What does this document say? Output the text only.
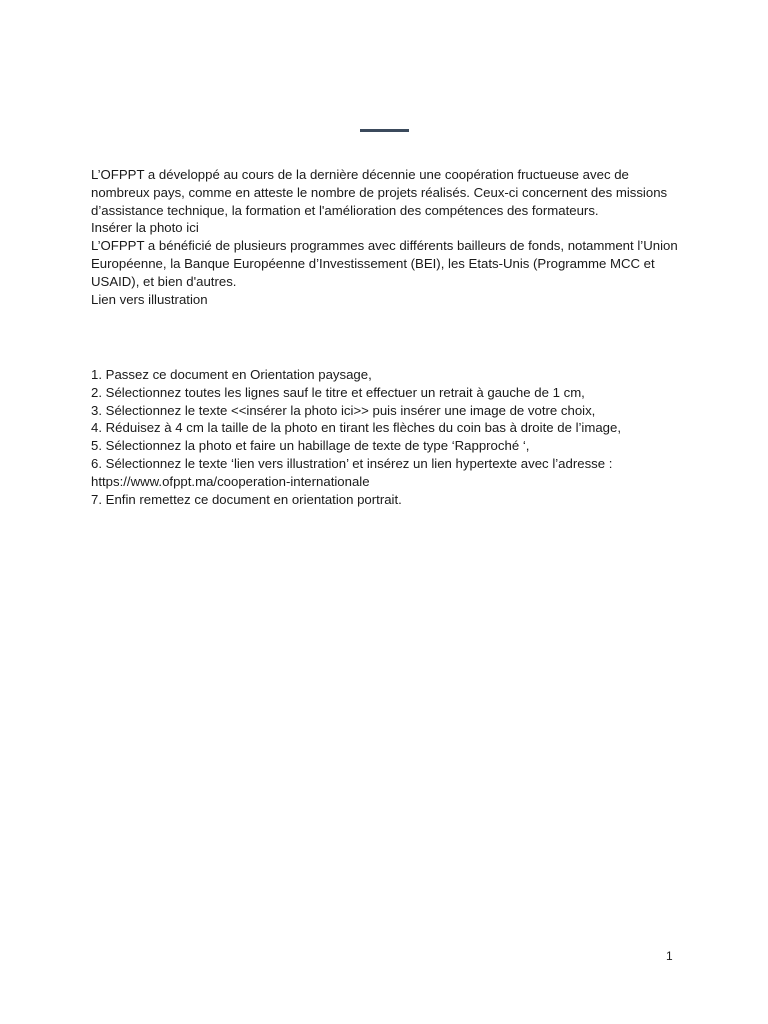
L’OFPPT a développé au cours de la dernière décennie une coopération fructueuse avec de nombreux pays, comme en atteste le nombre de projets réalisés. Ceux-ci concernent des missions d’assistance technique, la formation et l'amélioration des compétences des formateurs.
Insérer la photo ici
L’OFPPT a bénéficié de plusieurs programmes avec différents bailleurs de fonds, notamment l’Union Européenne, la Banque Européenne d’Investissement (BEI), les Etats-Unis (Programme MCC et USAID), et bien d'autres.
Lien vers illustration
1. Passez ce document en Orientation paysage,
2. Sélectionnez toutes les lignes sauf le titre et effectuer un retrait à gauche de 1 cm,
3. Sélectionnez le texte <<insérer la photo ici>> puis insérer une image de votre choix,
4. Réduisez à 4 cm la taille de la photo en tirant les flèches du coin bas à droite de l’image,
5. Sélectionnez la photo et faire un habillage de texte de type ‘Rapproché ‘,
6. Sélectionnez le texte ‘lien vers illustration’ et insérez un lien hypertexte avec l’adresse : https://www.ofppt.ma/cooperation-internationale
7. Enfin remettez ce document en orientation portrait.
1
